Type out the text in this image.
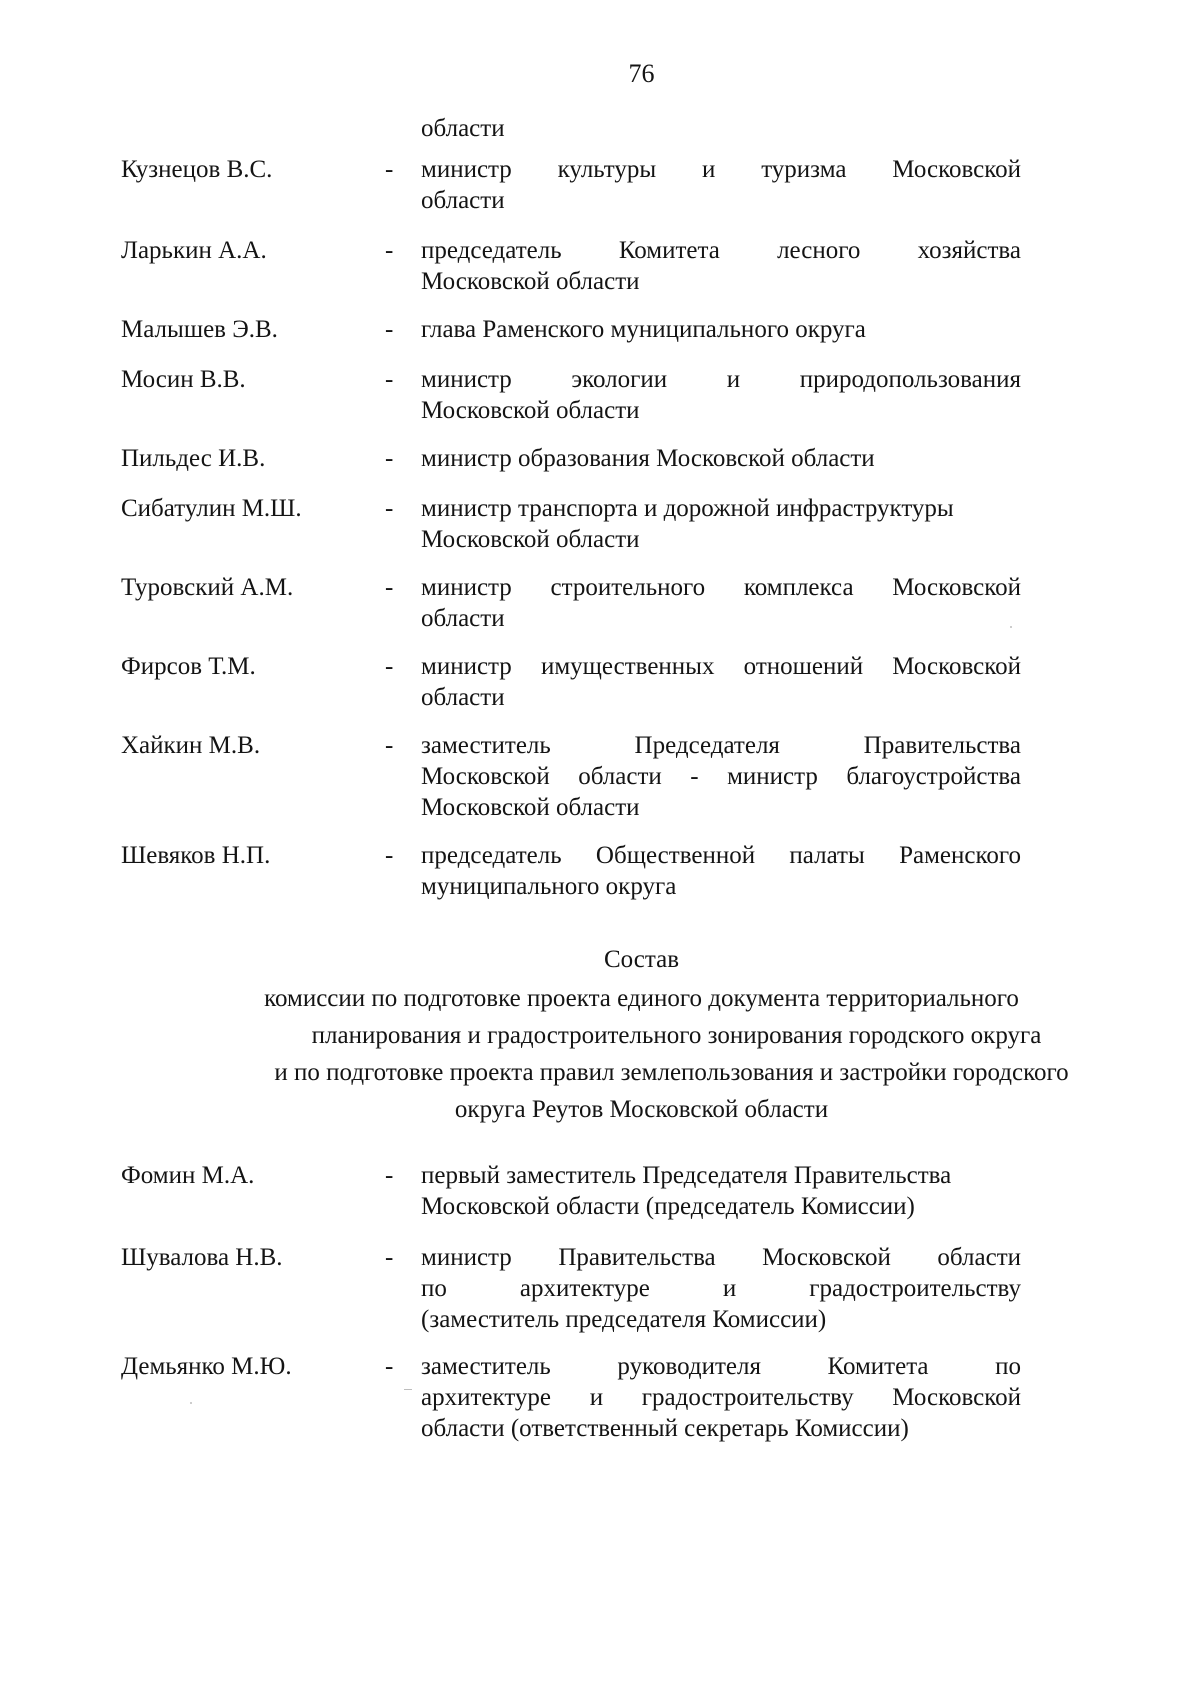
76
области
Кузнецов В.С.	- министр культуры и туризма Московской
области
Ларькин А.А.	- председатель Комитета лесного хозяйства
Московской области
Малышев Э.В.	- глава Раменского муниципального округа
Мосин В.В.	- министр экологии и природопользования
Московской области
Пильдес И.В.	- министр образования Московской области
Сибатулин М.Ш.	- министр транспорта и дорожной инфраструктуры
Московской области
Туровский А.М.	- министр строительного комплекса Московской
области
Фирсов Т.М.	- министр имущественных отношений Московской
области
Хайкин М.В.	- заместитель Председателя Правительства
Московской области - министр благоустройства
Московской области
Шевяков Н.П.	- председатель Общественной палаты Раменского
муниципального округа
Состав
комиссии по подготовке проекта единого документа территориального
планирования и градостроительного зонирования городского округа
и по подготовке проекта правил землепользования и застройки городского
округа Реутов Московской области
Фомин М.А.	- первый заместитель Председателя Правительства
Московской области (председатель Комиссии)
Шувалова Н.В.	- министр Правительства Московской области
по архитектуре и градостроительству
(заместитель председателя Комиссии)
Демьянко М.Ю.	- заместитель руководителя Комитета по
архитектуре и градостроительству Московской
области (ответственный секретарь Комиссии)
